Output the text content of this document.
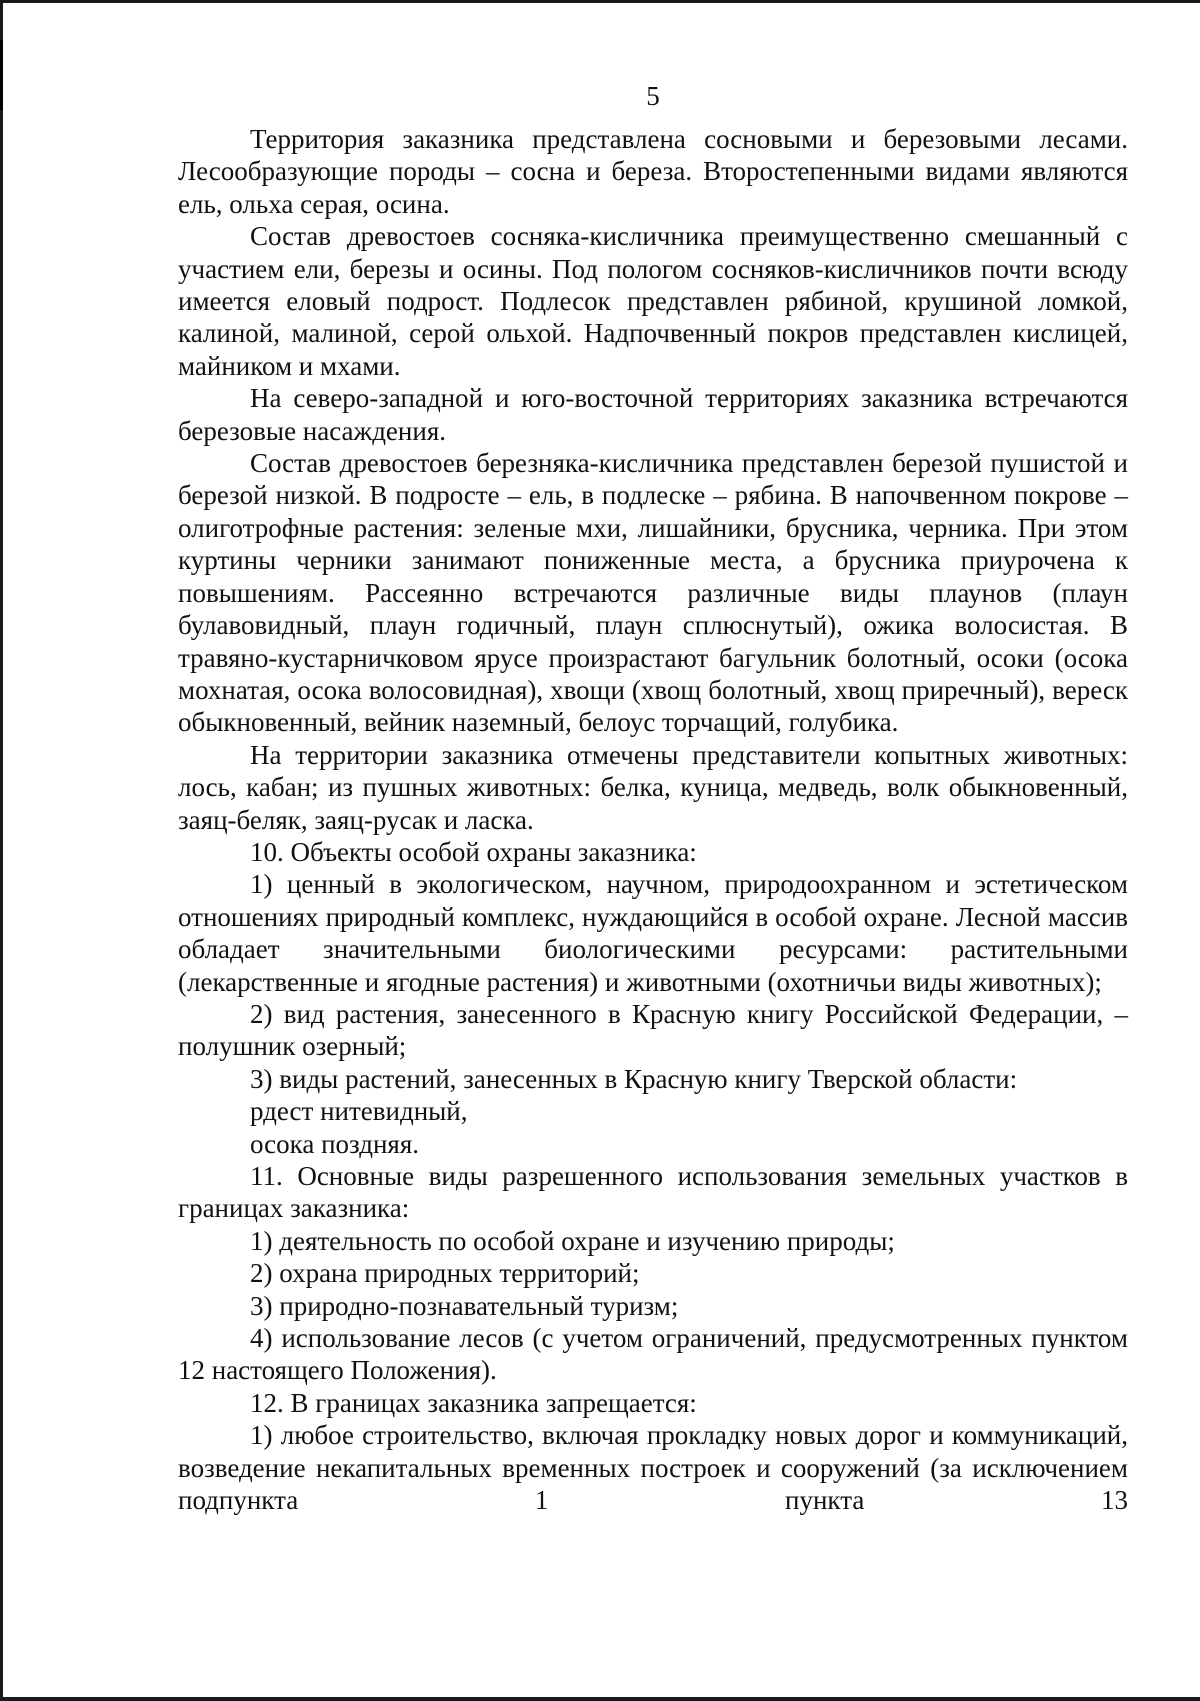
5

Территория заказника представлена сосновыми и березовыми лесами. Лесообразующие породы – сосна и береза. Второстепенными видами являются ель, ольха серая, осина.

Состав древостоев сосняка-кисличника преимущественно смешанный с участием ели, березы и осины. Под пологом сосняков-кисличников почти всюду имеется еловый подрост. Подлесок представлен рябиной, крушиной ломкой, калиной, малиной, серой ольхой. Надпочвенный покров представлен кислицей, майником и мхами.

На северо-западной и юго-восточной территориях заказника встречаются березовые насаждения.

Состав древостоев березняка-кисличника представлен березой пушистой и березой низкой. В подросте – ель, в подлеске – рябина. В напочвенном покрове – олиготрофные растения: зеленые мхи, лишайники, брусника, черника. При этом куртины черники занимают пониженные места, а брусника приурочена к повышениям. Рассеянно встречаются различные виды плаунов (плаун булавовидный, плаун годичный, плаун сплюснутый), ожика волосистая. В травяно-кустарничковом ярусе произрастают багульник болотный, осоки (осока мохнатая, осока волосовидная), хвощи (хвощ болотный, хвощ приречный), вереск обыкновенный, вейник наземный, белоус торчащий, голубика.

На территории заказника отмечены представители копытных животных: лось, кабан; из пушных животных: белка, куница, медведь, волк обыкновенный, заяц-беляк, заяц-русак и ласка.

10. Объекты особой охраны заказника:

1) ценный в экологическом, научном, природоохранном и эстетическом отношениях природный комплекс, нуждающийся в особой охране. Лесной массив обладает значительными биологическими ресурсами: растительными (лекарственные и ягодные растения) и животными (охотничьи виды животных);

2) вид растения, занесенного в Красную книгу Российской Федерации, – полушник озерный;

3) виды растений, занесенных в Красную книгу Тверской области:

рдест нитевидный,

осока поздняя.

11. Основные виды разрешенного использования земельных участков в границах заказника:

1) деятельность по особой охране и изучению природы;

2) охрана природных территорий;

3) природно-познавательный туризм;

4) использование лесов (с учетом ограничений, предусмотренных пунктом 12 настоящего Положения).

12. В границах заказника запрещается:

1) любое строительство, включая прокладку новых дорог и коммуникаций, возведение некапитальных временных построек и сооружений (за исключением подпункта 1 пункта 13
